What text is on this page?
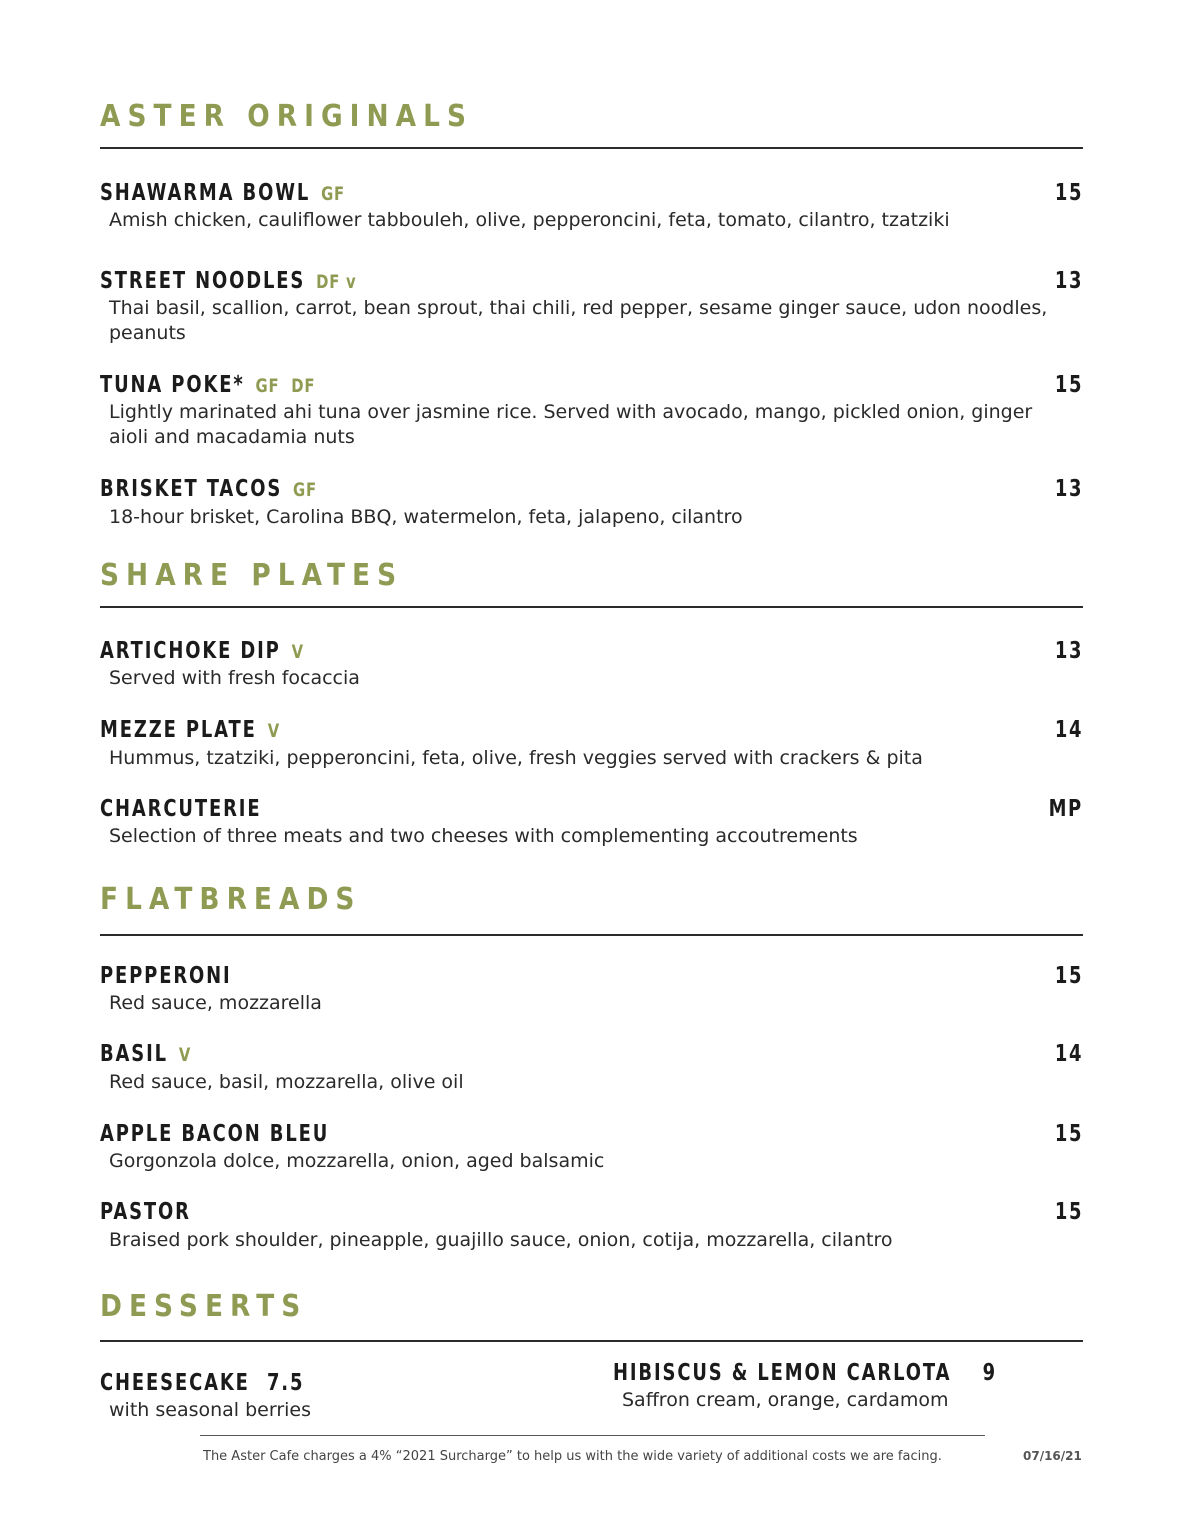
ASTER ORIGINALS
SHAWARMA BOWL GF	15
Amish chicken, cauliflower tabbouleh, olive, pepperoncini, feta, tomato, cilantro, tzatziki
STREET NOODLES DF v	13
Thai basil, scallion, carrot, bean sprout, thai chili, red pepper, sesame ginger sauce, udon noodles, peanuts
TUNA POKE* GF  DF	15
Lightly marinated ahi tuna over jasmine rice. Served with avocado, mango, pickled onion, ginger aioli and macadamia nuts
BRISKET TACOS GF	13
18-hour brisket, Carolina BBQ, watermelon, feta, jalapeno, cilantro
SHARE PLATES
ARTICHOKE DIP V	13
Served with fresh focaccia
MEZZE PLATE V	14
Hummus, tzatziki, pepperoncini, feta, olive, fresh veggies served with crackers & pita
CHARCUTERIE	MP
Selection of three meats and two cheeses with complementing accoutrements
FLATBREADS
PEPPERONI	15
Red sauce, mozzarella
BASIL V	14
Red sauce, basil, mozzarella, olive oil
APPLE BACON BLEU	15
Gorgonzola dolce, mozzarella, onion, aged balsamic
PASTOR	15
Braised pork shoulder, pineapple, guajillo sauce, onion, cotija, mozzarella, cilantro
DESSERTS
CHEESECAKE 7.5
with seasonal berries
HIBISCUS & LEMON CARLOTA 9
Saffron cream, orange, cardamom
The Aster Cafe charges a 4% “2021 Surcharge” to help us with the wide variety of additional costs we are facing.	07/16/21
